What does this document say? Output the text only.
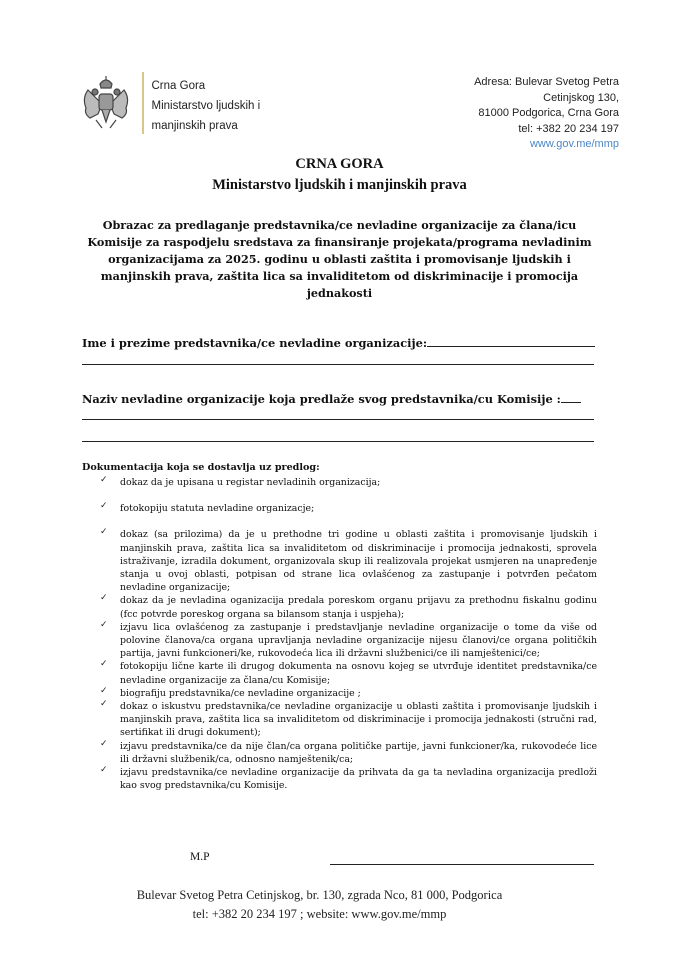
Crna Gora
Ministarstvo ljudskih i
manjinskih prava
Adresa: Bulevar Svetog Petra
Cetinjskog 130,
81000 Podgorica, Crna Gora
tel: +382 20 234 197
www.gov.me/mmp
CRNA GORA
Ministarstvo ljudskih i manjinskih prava
Obrazac za predlaganje predstavnika/ce nevladine organizacije za člana/icu
Komisije za raspodjelu sredstava za finansiranje projekata/programa nevladinim
organizacijama za 2025. godinu u oblasti zaštita i promovisanje ljudskih i
manjinskih prava, zaštita lica sa invaliditetom od diskriminacije i promocija
jednakosti
Ime i prezime predstavnika/ce nevladine organizacije:
Naziv nevladine organizacije koja predlaže svog predstavnika/cu Komisije :
Dokumentacija koja se dostavlja uz predlog:
✓ dokaz da je upisana u registar nevladinih organizacija;
✓ fotokopiju statuta nevladine organizacje;
✓ dokaz (sa prilozima) da je u prethodne tri godine u oblasti zaštita i promovisanje ljudskih i manjinskih prava, zaštita lica sa invaliditetom od diskriminacije i promocija jednakosti, sprovela istraživanje, izradila dokument, organizovala skup ili realizovala projekat usmjeren na unapređenje stanja u ovoj oblasti, potpisan od strane lica ovlašćenog za zastupanje i potvrđen pečatom nevladine organizacije;
✓ dokaz da je nevladina oganizacija predala poreskom organu prijavu za prethodnu fiskalnu godinu (fcc potvrde poreskog organa sa bilansom stanja i uspjeha);
✓ izjavu lica ovlašćenog za zastupanje i predstavljanje nevladine organizacije o tome da više od polovine članova/ca organa upravljanja nevladine organizacije nijesu članovi/ce organa političkih partija, javni funkcioneri/ke, rukovodeća lica ili državni službenici/ce ili namještenici/ce;
✓ fotokopiju lične karte ili drugog dokumenta na osnovu kojeg se utvrđuje identitet predstavnika/ce nevladine organizacije za člana/cu Komisije;
✓ biografiju predstavnika/ce nevladine organizacije ;
✓ dokaz o iskustvu predstavnika/ce nevladine organizacije u oblasti zaštita i promovisanje ljudskih i manjinskih prava, zaštita lica sa invaliditetom od diskriminacije i promocija jednakosti (stručni rad, sertifikat ili drugi dokument);
✓ izjavu predstavnika/ce da nije član/ca organa političke partije, javni funkcioner/ka, rukovodeće lice ili državni službenik/ca, odnosno namještenik/ca;
✓ izjavu predstavnika/ce nevladine organizacije da prihvata da ga ta nevladina organizacija predloži kao svog predstavnika/cu Komisije.
M.P
Bulevar Svetog Petra Cetinjskog, br. 130, zgrada Nco, 81 000, Podgorica
tel: +382 20 234 197 ; website: www.gov.me/mmp
